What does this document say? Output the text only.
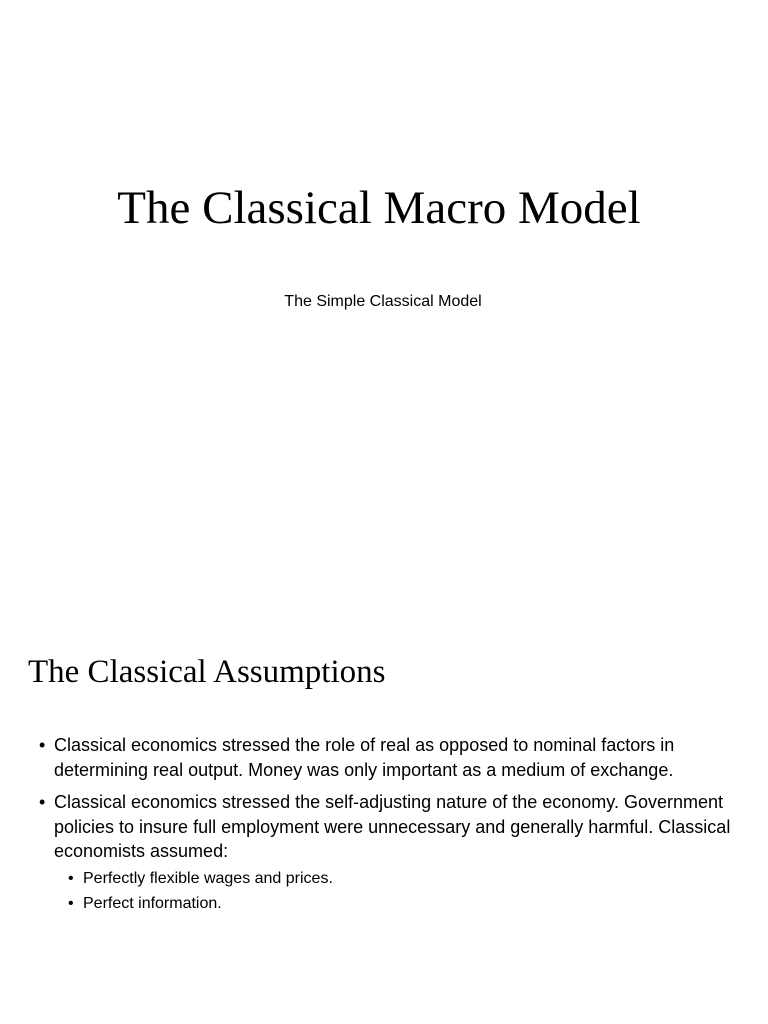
The Classical Macro Model
The Simple Classical Model
The Classical Assumptions
• Classical economics stressed the role of real as opposed to nominal factors in determining real output. Money was only important as a medium of exchange.
• Classical economics stressed the self-adjusting nature of the economy. Government policies to insure full employment were unnecessary and generally harmful. Classical economists assumed:
• Perfectly flexible wages and prices.
• Perfect information.
